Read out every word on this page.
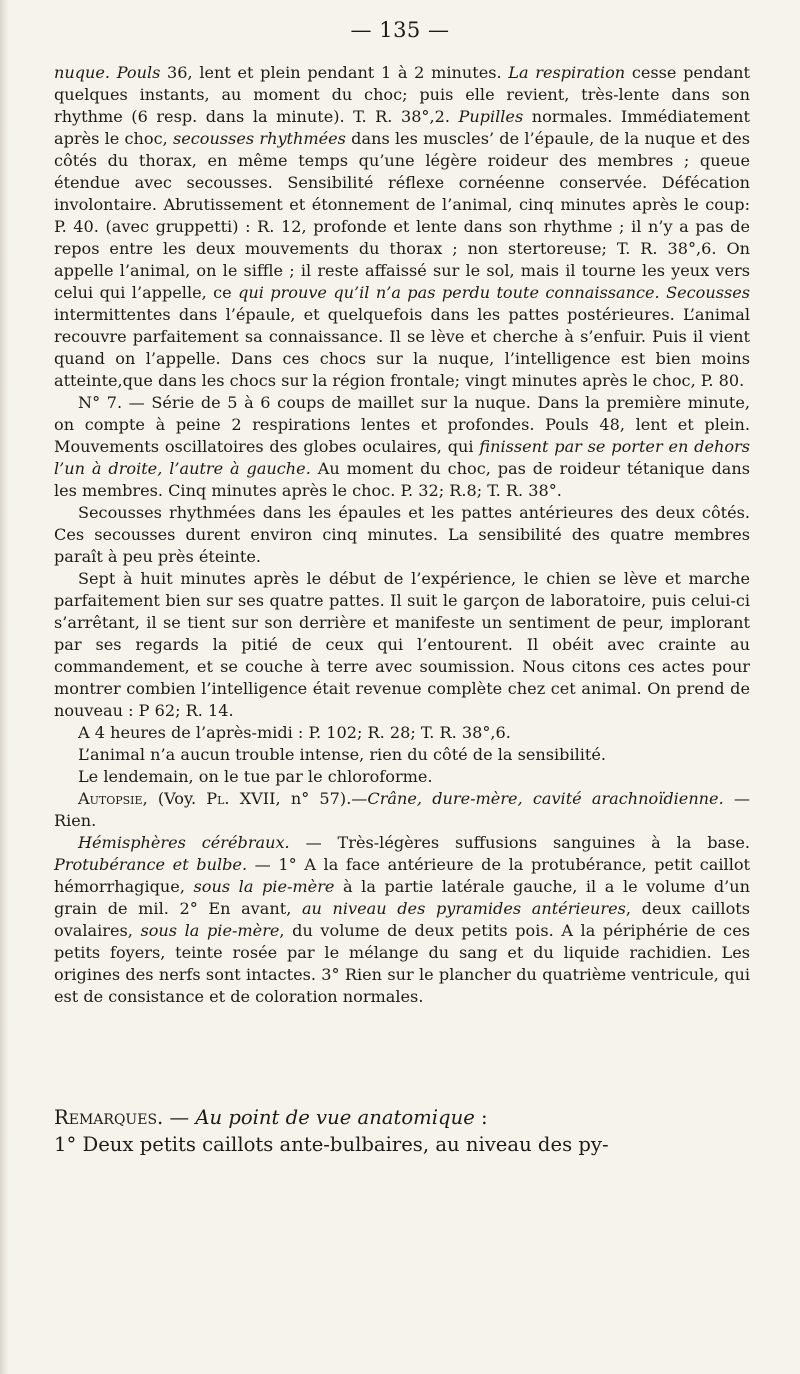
— 135 —

nuque. Pouls 36, lent et plein pendant 1 à 2 minutes. La respiration cesse pendant quelques instants, au moment du choc; puis elle revient, très-lente dans son rhythme (6 resp. dans la minute). T. R. 38°,2. Pupilles normales. Immédiatement après le choc, secousses rhythmées dans les muscles’ de l’épaule, de la nuque et des côtés du thorax, en même temps qu’une légère roideur des membres ; queue étendue avec secousses. Sensibilité réflexe cornéenne conservée. Défécation involontaire. Abrutissement et étonnement de l’animal, cinq minutes après le coup: P. 40. (avec gruppetti) : R. 12, profonde et lente dans son rhythme ; il n’y a pas de repos entre les deux mouvements du thorax ; non stertoreuse; T. R. 38°,6. On appelle l’animal, on le siffle ; il reste affaissé sur le sol, mais il tourne les yeux vers celui qui l’appelle, ce qui prouve qu’il n’a pas perdu toute connaissance. Secousses intermittentes dans l’épaule, et quelquefois dans les pattes postérieures. L’animal recouvre parfaitement sa connaissance. Il se lève et cherche à s’enfuir. Puis il vient quand on l’appelle. Dans ces chocs sur la nuque, l’intelligence est bien moins atteinte,que dans les chocs sur la région frontale; vingt minutes après le choc, P. 80.

N° 7. — Série de 5 à 6 coups de maillet sur la nuque. Dans la première minute, on compte à peine 2 respirations lentes et profondes. Pouls 48, lent et plein. Mouvements oscillatoires des globes oculaires, qui finissent par se porter en dehors l’un à droite, l’autre à gauche. Au moment du choc, pas de roideur tétanique dans les membres. Cinq minutes après le choc. P. 32; R.8; T. R. 38°.

Secousses rhythmées dans les épaules et les pattes antérieures des deux côtés. Ces secousses durent environ cinq minutes. La sensibilité des quatre membres paraît à peu près éteinte.

Sept à huit minutes après le début de l’expérience, le chien se lève et marche parfaitement bien sur ses quatre pattes. Il suit le garçon de laboratoire, puis celui-ci s’arrêtant, il se tient sur son derrière et manifeste un sentiment de peur, implorant par ses regards la pitié de ceux qui l’entourent. Il obéit avec crainte au commandement, et se couche à terre avec soumission. Nous citons ces actes pour montrer combien l’intelligence était revenue complète chez cet animal. On prend de nouveau : P 62; R. 14.

A 4 heures de l’après-midi : P. 102; R. 28; T. R. 38°,6.

L’animal n’a aucun trouble intense, rien du côté de la sensibilité.

Le lendemain, on le tue par le chloroforme.

Autopsie, (Voy. Pl. XVII, n° 57).—Crâne, dure-mère, cavité arachnoïdienne. — Rien.

Hémisphères cérébraux. — Très-légères suffusions sanguines à la base. Protubérance et bulbe. — 1° A la face antérieure de la protubérance, petit caillot hémorrhagique, sous la pie-mère à la partie latérale gauche, il a le volume d’un grain de mil. 2° En avant, au niveau des pyramides antérieures, deux caillots ovalaires, sous la pie-mère, du volume de deux petits pois. A la périphérie de ces petits foyers, teinte rosée par le mélange du sang et du liquide rachidien. Les origines des nerfs sont intactes. 3° Rien sur le plancher du quatrième ventricule, qui est de consistance et de coloration normales.

Remarques. — Au point de vue anatomique :

1° Deux petits caillots ante-bulbaires, au niveau des py-
